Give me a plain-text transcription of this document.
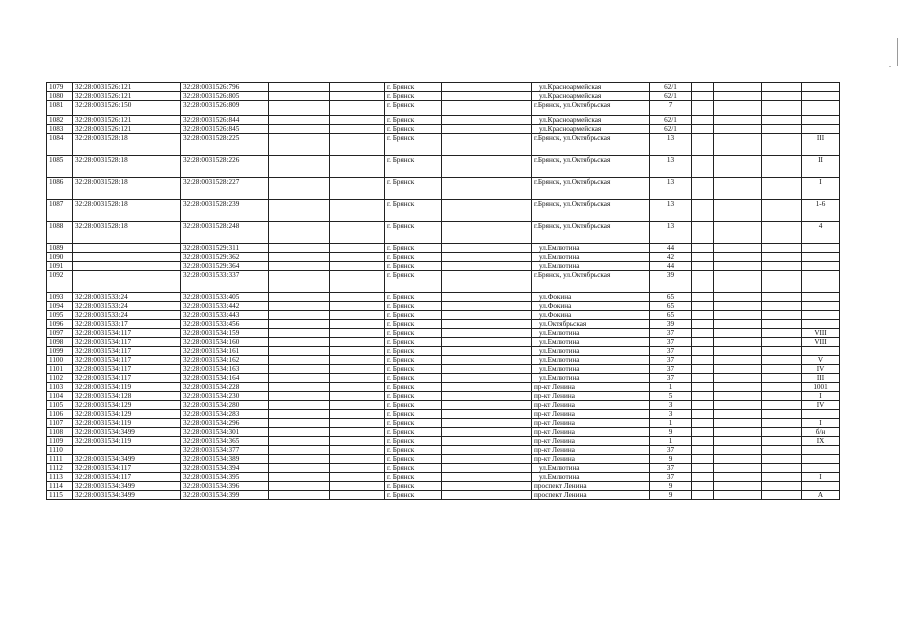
1079	32:28:0031526:121	32:28:0031526:796			г. Брянск		ул.Красноармейская	62/1				
1080	32:28:0031526:121	32:28:0031526:805			г. Брянск		ул.Красноармейская	62/1				
1081	32:28:0031526:150	32:28:0031526:809			г. Брянск		г.Брянск, ул.Октябрьская	7				
1082	32:28:0031526:121	32:28:0031526:844			г. Брянск		ул.Красноармейская	62/1				
1083	32:28:0031526:121	32:28:0031526:845			г. Брянск		ул.Красноармейская	62/1				
1084	32:28:0031528:18	32:28:0031528:225			г. Брянск		г.Брянск, ул.Октябрьская	13				III
1085	32:28:0031528:18	32:28:0031528:226			г. Брянск		г.Брянск, ул.Октябрьская	13				II
1086	32:28:0031528:18	32:28:0031528:227			г. Брянск		г.Брянск, ул.Октябрьская	13				I
1087	32:28:0031528:18	32:28:0031528:239			г. Брянск		г.Брянск, ул.Октябрьская	13				1-6
1088	32:28:0031528:18	32:28:0031528:248			г. Брянск		г.Брянск, ул.Октябрьская	13				4
1089		32:28:0031529:311			г. Брянск		ул.Емлютина	44				
1090		32:28:0031529:362			г. Брянск		ул.Емлютина	42				
1091		32:28:0031529:364			г. Брянск		ул.Емлютина	44				
1092		32:28:0031533:337			г. Брянск		г.Брянск, ул.Октябрьская	39				
1093	32:28:0031533:24	32:28:0031533:405			г. Брянск		ул.Фокина	65				
1094	32:28:0031533:24	32:28:0031533:442			г. Брянск		ул.Фокина	65				
1095	32:28:0031533:24	32:28:0031533:443			г. Брянск		ул.Фокина	65				
1096	32:28:0031533:17	32:28:0031533:456			г. Брянск		ул.Октябрьская	39				
1097	32:28:0031534:117	32:28:0031534:159			г. Брянск		ул.Емлютина	37				VIII
1098	32:28:0031534:117	32:28:0031534:160			г. Брянск		ул.Емлютина	37				VIII
1099	32:28:0031534:117	32:28:0031534:161			г. Брянск		ул.Емлютина	37				
1100	32:28:0031534:117	32:28:0031534:162			г. Брянск		ул.Емлютина	37				V
1101	32:28:0031534:117	32:28:0031534:163			г. Брянск		ул.Емлютина	37				IV
1102	32:28:0031534:117	32:28:0031534:164			г. Брянск		ул.Емлютина	37				III
1103	32:28:0031534:119	32:28:0031534:228			г. Брянск		пр-кт Ленина	1				1001
1104	32:28:0031534:128	32:28:0031534:230			г. Брянск		пр-кт Ленина	5				I
1105	32:28:0031534:129	32:28:0031534:280			г. Брянск		пр-кт Ленина	3				IV
1106	32:28:0031534:129	32:28:0031534:283			г. Брянск		пр-кт Ленина	3				
1107	32:28:0031534:119	32:28:0031534:296			г. Брянск		пр-кт Ленина	1				I
1108	32:28:0031534:3499	32:28:0031534:301			г. Брянск		пр-кт Ленина	9				б/н
1109	32:28:0031534:119	32:28:0031534:365			г. Брянск		пр-кт Ленина	1				IX
1110		32:28:0031534:377			г. Брянск		пр-кт Ленина	37				
1111	32:28:0031534:3499	32:28:0031534:389			г. Брянск		пр-кт Ленина	9				
1112	32:28:0031534:117	32:28:0031534:394			г. Брянск		ул.Емлютина	37				
1113	32:28:0031534:117	32:28:0031534:395			г. Брянск		ул.Емлютина	37				I
1114	32:28:0031534:3499	32:28:0031534:396			г. Брянск		проспект Ленина	9				
1115	32:28:0031534:3499	32:28:0031534:399			г. Брянск		проспект Ленина	9				A
